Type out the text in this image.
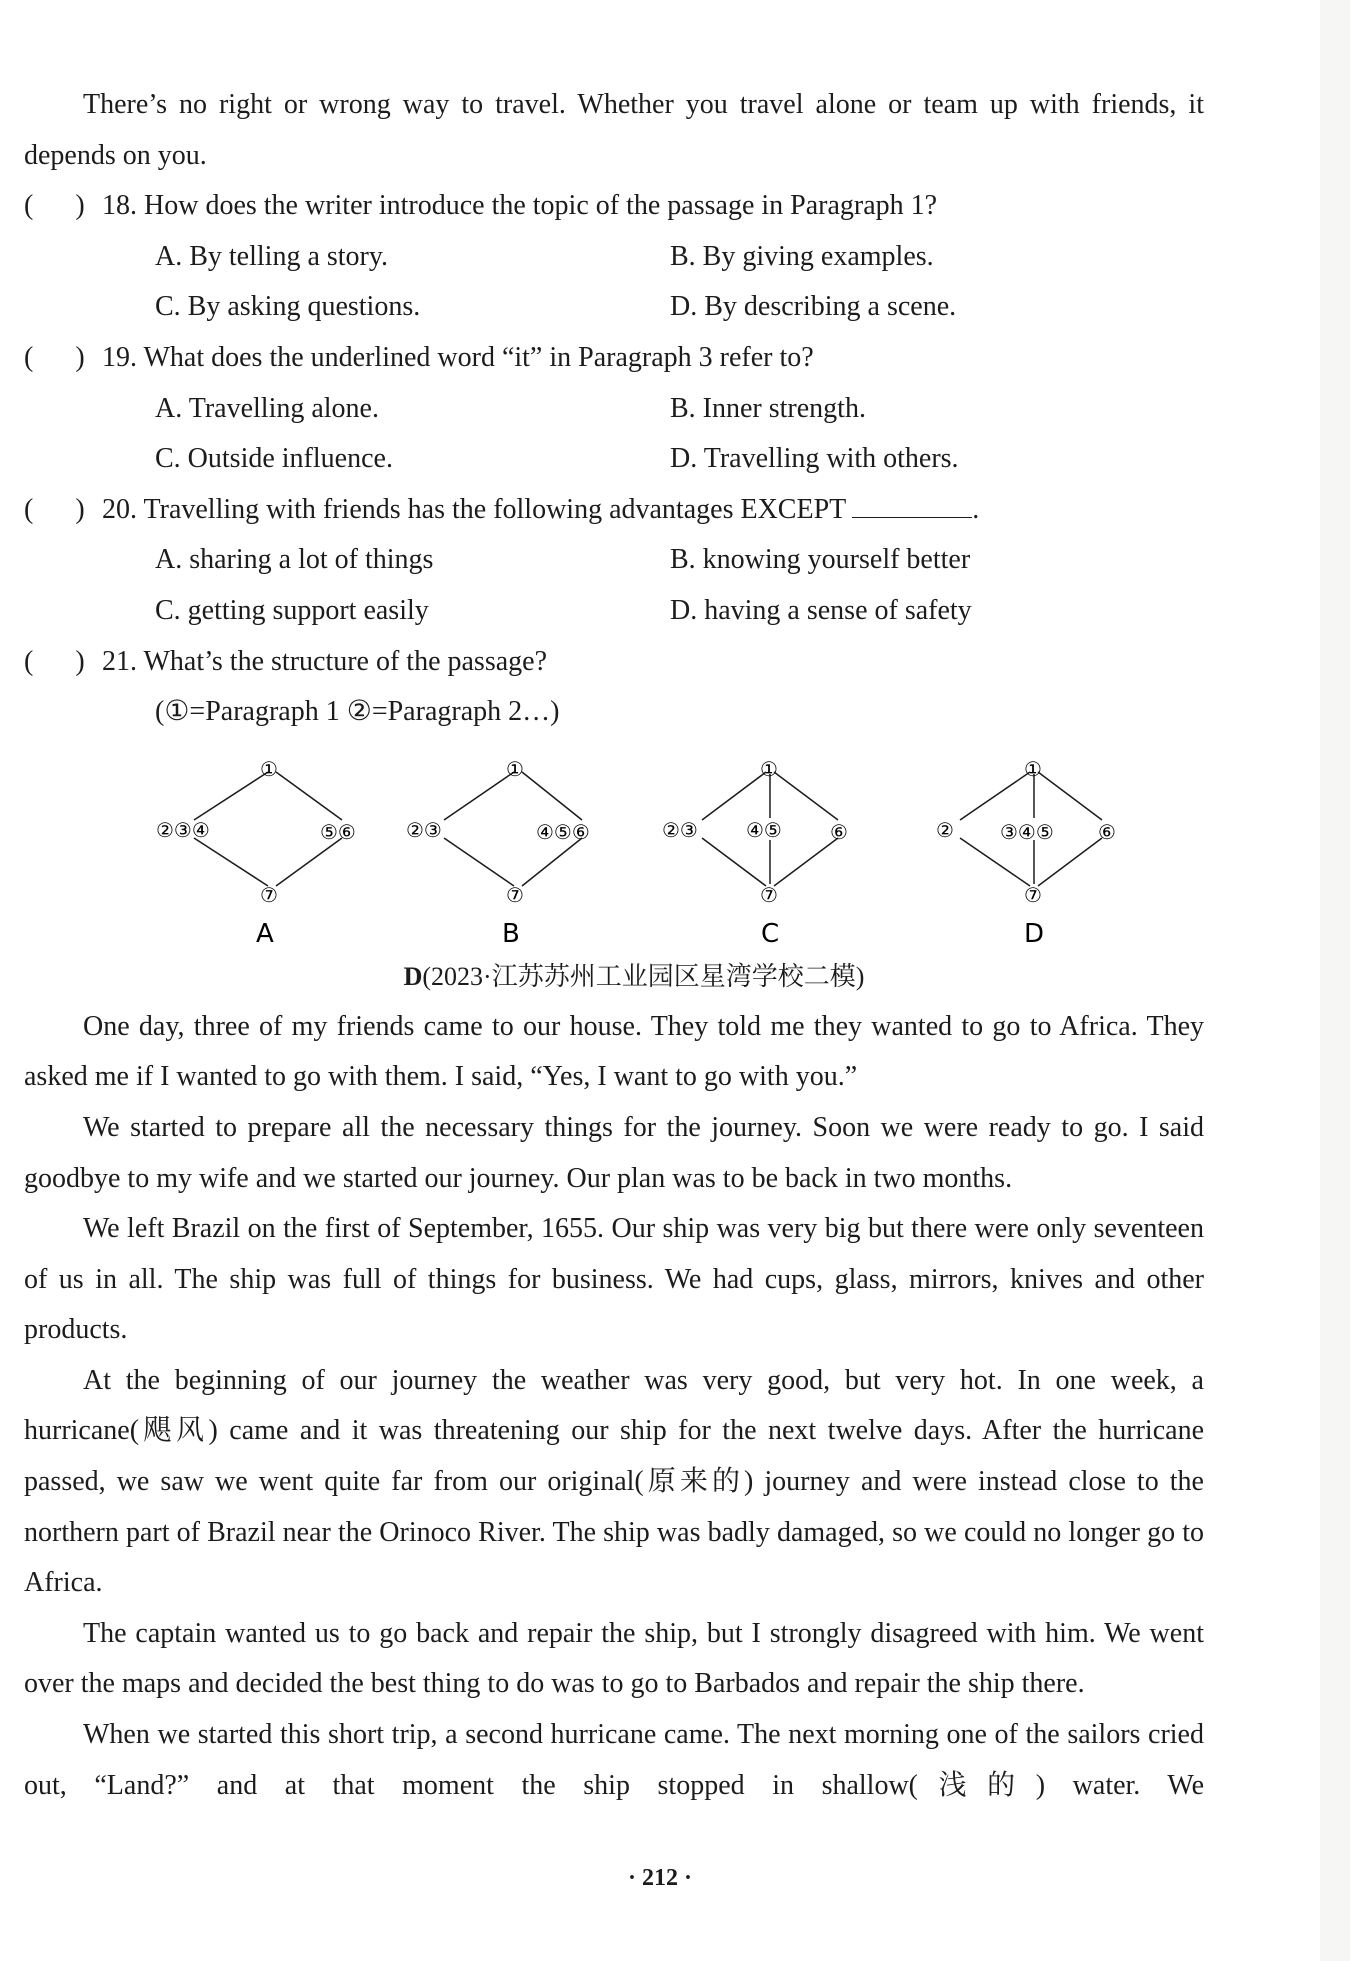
There’s no right or wrong way to travel. Whether you travel alone or team up with friends, it depends on you.

(      ) 18. How does the writer introduce the topic of the passage in Paragraph 1?
A. By telling a story.	B. By giving examples.
C. By asking questions.	D. By describing a scene.
(      ) 19. What does the underlined word “it” in Paragraph 3 refer to?
A. Travelling alone.	B. Inner strength.
C. Outside influence.	D. Travelling with others.
(      ) 20. Travelling with friends has the following advantages EXCEPT	.
A. sharing a lot of things	B. knowing yourself better
C. getting support easily	D. having a sense of safety
(      ) 21. What’s the structure of the passage?
(①=Paragraph 1 ②=Paragraph 2…)
①
②③④	⑤⑥
⑦
A
①
②③	④⑤⑥
⑦
B
①
②③ ④⑤ ⑥
⑦
C
①
② ③④⑤ ⑥
⑦
D
D(2023·江苏苏州工业园区星湾学校二模)

One day, three of my friends came to our house. They told me they wanted to go to Africa. They asked me if I wanted to go with them. I said, “Yes, I want to go with you.”

We started to prepare all the necessary things for the journey. Soon we were ready to go. I said goodbye to my wife and we started our journey. Our plan was to be back in two months.

We left Brazil on the first of September, 1655. Our ship was very big but there were only seventeen of us in all. The ship was full of things for business. We had cups, glass, mirrors, knives and other products.

At the beginning of our journey the weather was very good, but very hot. In one week, a hurricane(飓风) came and it was threatening our ship for the next twelve days. After the hurricane passed, we saw we went quite far from our original(原来的) journey and were instead close to the northern part of Brazil near the Orinoco River. The ship was badly damaged, so we could no longer go to Africa.

The captain wanted us to go back and repair the ship, but I strongly disagreed with him. We went over the maps and decided the best thing to do was to go to Barbados and repair the ship there.

When we started this short trip, a second hurricane came. The next morning one of the sailors cried out, “Land?” and at that moment the ship stopped in shallow(浅的) water. We

· 212 ·
